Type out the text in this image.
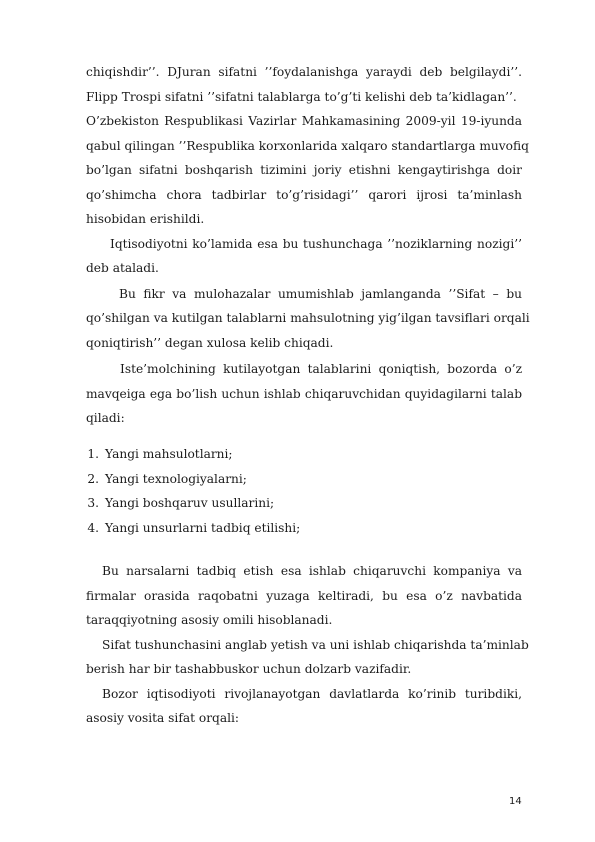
chiqishdir’’. DJuran sifatni ’’foydalanishga yaraydi deb belgilaydi’’.
Flipp Trospi sifatni ’’sifatni talablarga to’g’ti kelishi deb ta’kidlagan’’.
O’zbekiston Respublikasi Vazirlar Mahkamasining 2009-yil 19-iyunda
qabul qilingan ’’Respublika korxonlarida xalqaro standartlarga muvofiq
bo’lgan sifatni boshqarish tizimini joriy etishni kengaytirishga doir
qo’shimcha chora tadbirlar to’g’risidagi’’ qarori ijrosi ta’minlash
hisobidan erishildi.
Iqtisodiyotni ko’lamida esa bu tushunchaga ’’noziklarning nozigi’’
deb ataladi.
Bu fikr va mulohazalar umumishlab jamlanganda ’’Sifat – bu
qo’shilgan va kutilgan talablarni mahsulotning yig’ilgan tavsiflari orqali
qoniqtirish’’ degan xulosa kelib chiqadi.
Iste’molchining kutilayotgan talablarini qoniqtish, bozorda o’z
mavqeiga ega bo’lish uchun ishlab chiqaruvchidan quyidagilarni talab
qiladi:
1. Yangi mahsulotlarni;
2. Yangi texnologiyalarni;
3. Yangi boshqaruv usullarini;
4. Yangi unsurlarni tadbiq etilishi;
Bu narsalarni tadbiq etish esa ishlab chiqaruvchi kompaniya va
firmalar orasida raqobatni yuzaga keltiradi, bu esa o’z navbatida
taraqqiyotning asosiy omili hisoblanadi.
Sifat tushunchasini anglab yetish va uni ishlab chiqarishda ta’minlab
berish har bir tashabbuskor uchun dolzarb vazifadir.
Bozor iqtisodiyoti rivojlanayotgan davlatlarda ko’rinib turibdiki,
asosiy vosita sifat orqali:
14
